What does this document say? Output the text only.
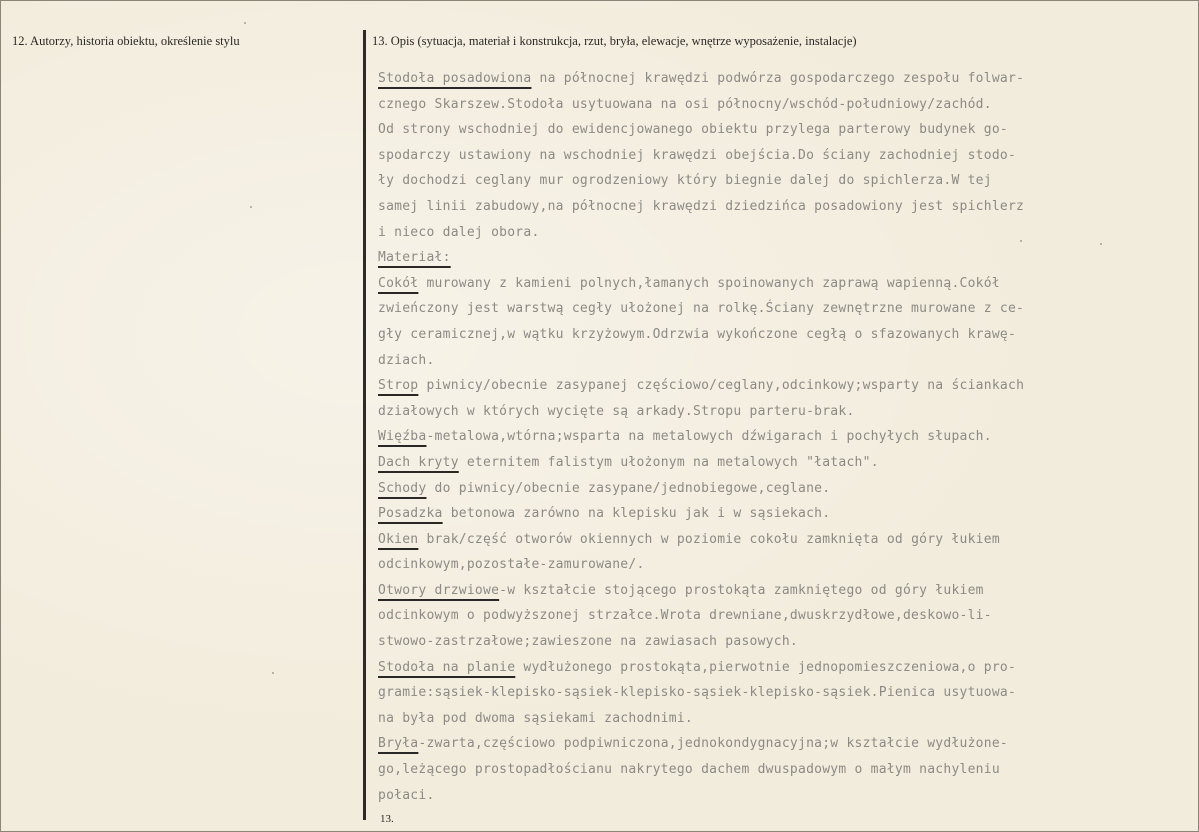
12. Autorzy, historia obiektu, określenie stylu	13. Opis (sytuacja, materiał i konstrukcja, rzut, bryła, elewacje, wnętrze wyposażenie, instalacje)
Stodoła posadowiona na północnej krawędzi podwórza gospodarczego zespołu folwar-
cznego Skarszew.Stodoła usytuowana na osi północny/wschód-południowy/zachód.
Od strony wschodniej do ewidencjowanego obiektu przylega parterowy budynek go-
spodarczy ustawiony na wschodniej krawędzi obejścia.Do ściany zachodniej stodo-
ły dochodzi ceglany mur ogrodzeniowy który biegnie dalej do spichlerza.W tej
samej linii zabudowy,na północnej krawędzi dziedzińca posadowiony jest spichlerz
i nieco dalej obora.
Materiał:
Cokół murowany z kamieni polnych,łamanych spoinowanych zaprawą wapienną.Cokół
zwieńczony jest warstwą cegły ułożonej na rolkę.Ściany zewnętrzne murowane z ce-
gły ceramicznej,w wątku krzyżowym.Odrzwia wykończone cegłą o sfazowanych krawę-
dziach.
Strop piwnicy/obecnie zasypanej częściowo/ceglany,odcinkowy;wsparty na ściankach
działowych w których wycięte są arkady.Stropu parteru-brak.
Więźba-metalowa,wtórna;wsparta na metalowych dźwigarach i pochyłych słupach.
Dach kryty eternitem falistym ułożonym na metalowych "łatach".
Schody do piwnicy/obecnie zasypane/jednobiegowe,ceglane.
Posadzka betonowa zarówno na klepisku jak i w sąsiekach.
Okien brak/część otworów okiennych w poziomie cokołu zamknięta od góry łukiem
odcinkowym,pozostałe-zamurowane/.
Otwory drzwiowe-w kształcie stojącego prostokąta zamkniętego od góry łukiem
odcinkowym o podwyższonej strzałce.Wrota drewniane,dwuskrzydłowe,deskowo-li-
stwowo-zastrzałowe;zawieszone na zawiasach pasowych.
Stodoła na planie wydłużonego prostokąta,pierwotnie jednopomieszczeniowa,o pro-
gramie:sąsiek-klepisko-sąsiek-klepisko-sąsiek-klepisko-sąsiek.Pienica usytuowa-
na była pod dwoma sąsiekami zachodnimi.
Bryła-zwarta,częściowo podpiwniczona,jednokondygnacyjna;w kształcie wydłużone-
go,leżącego prostopadłościanu nakrytego dachem dwuspadowym o małym nachyleniu
połaci.
13.
